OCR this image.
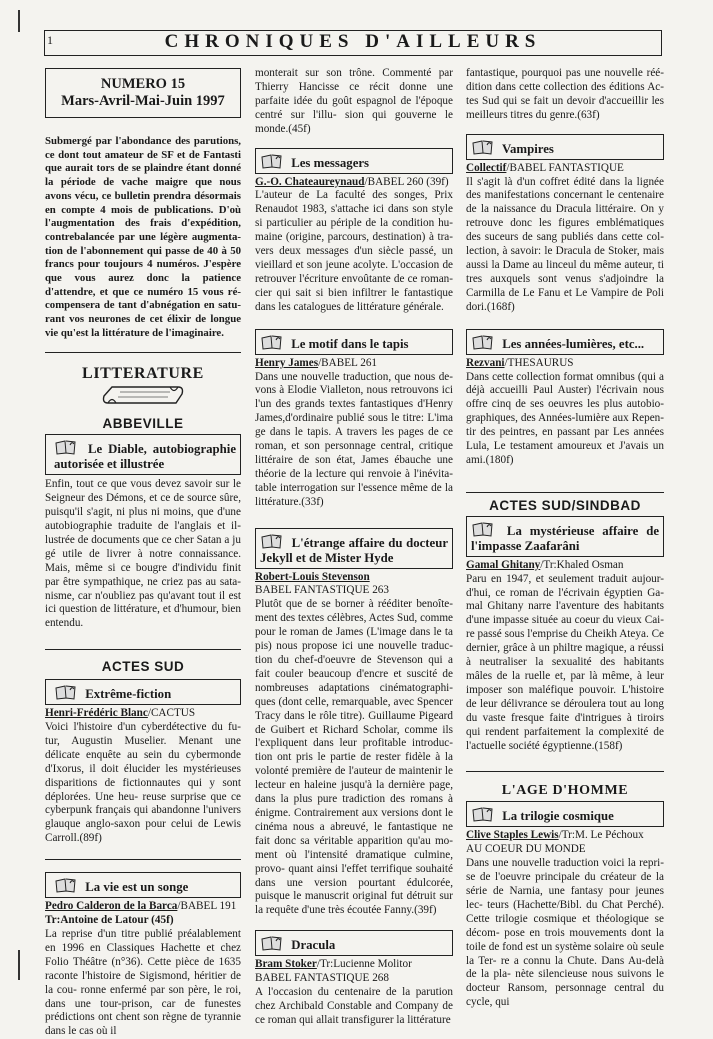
1	CHRONIQUES D'AILLEURS
NUMERO 15
Mars-Avril-Mai-Juin 1997

Submergé par l'abondance des parutions, ce dont tout amateur de SF et de Fantasti que aurait tors de se plaindre étant donné la période de vache maigre que nous avons vécu, ce bulletin prendra désormais en compte 4 mois de publications. D'où l'augmentation des frais d'expédition, contrebalancée par une légère augmenta- tion de l'abonnement qui passe de 40 à 50 francs pour toujours 4 numéros. J'espère que vous aurez donc la patience d'attendre, et que ce numéro 15 vous ré- compensera de tant d'abnégation en satu- rant vos neurones de cet élixir de longue vie qu'est la littérature de l'imaginaire.

LITTERATURE
ABBEVILLE
Le Diable, autobiographie autorisée et illustrée

Enfin, tout ce que vous devez savoir sur le Seigneur des Démons, et ce de source sûre, puisqu'il s'agit, ni plus ni moins, que d'une autobiographie traduite de l'anglais et il- lustrée de documents que ce cher Satan a ju gé utile de livrer à notre connaissance. Mais, même si ce bougre d'individu finit par être sympathique, ne criez pas au sata-nisme, car n'oubliez pas qu'avant tout il est ici question de littérature, et d'humour, bien entendu.

ACTES SUD
Extrême-fiction

Henri-Frédéric Blanc/CACTUS

Voici l'histoire d'un cyberdétective du fu- tur, Augustin Muselier. Menant une délicate enquête au sein du cybermonde d'Ixorus, il doit élucider les mystérieuses disparitions de fictionnautes qui y sont déplorées. Une heu- reuse surprise que ce cyberpunk français qui abandonne l'univers glauque anglo-saxon pour celui de Lewis Carroll.(89f)

La vie est un songe

Pedro Calderon de la Barca/BABEL 191

Tr:Antoine de Latour (45f)

La reprise d'un titre publié préalablement en 1996 en Classiques Hachette et chez Folio Théâtre (n°36). Cette pièce de 1635 raconte l'histoire de Sigismond, héritier de la cou- ronne enfermé par son père, le roi, dans une tour-prison, car de funestes prédictions ont chent son règne de tyrannie dans le cas où il

monterait sur son trône. Commenté par Thierry Hancisse ce récit donne une parfaite idée du goût espagnol de l'époque centré sur l'illu- sion qui gouverne le monde.(45f)

Les messagers

G.-O. Chateaureynaud/BABEL 260 (39f)

L'auteur de La faculté des songes, Prix Renaudot 1983, s'attache ici dans son style si particulier au périple de la condition hu- maine (origine, parcours, destination) à tra- vers deux messages d'un siècle passé, un vieillard et son jeune acolyte. L'occasion de retrouver l'écriture envoûtante de ce roman- cier qui sait si bien infiltrer le fantastique dans les catalogues de littérature générale.

Le motif dans le tapis

Henry James/BABEL 261

Dans une nouvelle traduction, que nous de- vons à Elodie Vialleton, nous retrouvons ici l'un des grands textes fantastiques d'Henry James,d'ordinaire publié sous le titre: L'ima ge dans le tapis. A travers les pages de ce roman, et son personnage central, critique littéraire de son état, James ébauche une théorie de la lecture qui renvoie à l'inévita- table interrogation sur l'essence même de la littérature.(33f)

L'étrange affaire du docteur Jekyll et de Mister Hyde

Robert-Louis Stevenson

BABEL FANTASTIQUE 263

Plutôt que de se borner à rééditer benoîte- ment des textes célèbres, Actes Sud, comme pour le roman de James (L'image dans le ta pis) nous propose ici une nouvelle traduc- tion du chef-d'oeuvre de Stevenson qui a fait couler beaucoup d'encre et suscité de nombreuses adaptations cinématographi- ques (dont celle, remarquable, avec Spencer Tracy dans le rôle titre). Guillaume Pigeard de Guibert et Richard Scholar, comme ils l'expliquent dans leur profitable introduc- tion ont pris le partie de rester fidèle à la volonté première de l'auteur de maintenir le lecteur en haleine jusqu'à la dernière page, dans la plus pure tradiction des romans à énigme. Contrairement aux versions dont le cinéma nous a abreuvé, le fantastique ne fait donc sa véritable apparition qu'au mo- ment où l'intensité dramatique culmine, provo- quant ainsi l'effet terrifique souhaité dans une version pourtant édulcorée, puisque le manuscrit original fut détruit sur la requête d'une très écoutée Fanny.(39f)

Dracula

Bram Stoker/Tr:Lucienne Molitor

BABEL FANTASTIQUE 268

A l'occasion du centenaire de la parution chez Archibald Constable and Company de ce roman qui allait transfigurer la littérature

fantastique, pourquoi pas une nouvelle réé- dition dans cette collection des éditions Ac- tes Sud qui se fait un devoir d'accueillir les meilleurs titres du genre.(63f)

Vampires

Collectif/BABEL FANTASTIQUE

Il s'agit là d'un coffret édité dans la lignée des manifestations concernant le centenaire de la naissance du Dracula littéraire. On y retrouve donc les figures emblématiques des suceurs de sang publiés dans cette col- lection, à savoir: le Dracula de Stoker, mais aussi la Dame au linceul du même auteur, ti tres auxquels sont venus s'adjoindre la Carmilla de Le Fanu et Le Vampire de Poli dori.(168f)

Les années-lumières, etc...

Rezvani/THESAURUS

Dans cette collection format omnibus (qui a déjà accueilli Paul Auster) l'écrivain nous offre cinq de ses oeuvres les plus autobio- graphiques, des Années-lumière aux Repen- tir des peintres, en passant par Les années Lula, Le testament amoureux et J'avais un ami.(180f)

ACTES SUD/SINDBAD
La mystérieuse affaire de l'impasse Zaafarâni

Gamal Ghitany/Tr:Khaled Osman

Paru en 1947, et seulement traduit aujour- d'hui, ce roman de l'écrivain égyptien Ga- mal Ghitany narre l'aventure des habitants d'une impasse située au coeur du vieux Cai- re passé sous l'emprise du Cheikh Ateya. Ce dernier, grâce à un philtre magique, a réussi à neutraliser la sexualité des habitants mâles de la ruelle et, par là même, à leur imposer son maléfique pouvoir. L'histoire de leur délivrance se déroulera tout au long du vaste fresque faite d'intrigues à tiroirs qui rendent parfaitement la complexité de l'actuelle société égyptienne.(158f)

L'AGE D'HOMME
La trilogie cosmique

Clive Staples Lewis/Tr:M. Le Péchoux

AU COEUR DU MONDE

Dans une nouvelle traduction voici la repri- se de l'oeuvre principale du créateur de la série de Narnia, une fantasy pour jeunes lec- teurs (Hachette/Bibl. du Chat Perché). Cette trilogie cosmique et théologique se décom- pose en trois mouvements dont la toile de fond est un système solaire où seule la Ter- re a connu la Chute. Dans Au-delà de la pla- nète silencieuse nous suivons le docteur Ransom, personnage central du cycle, qui
